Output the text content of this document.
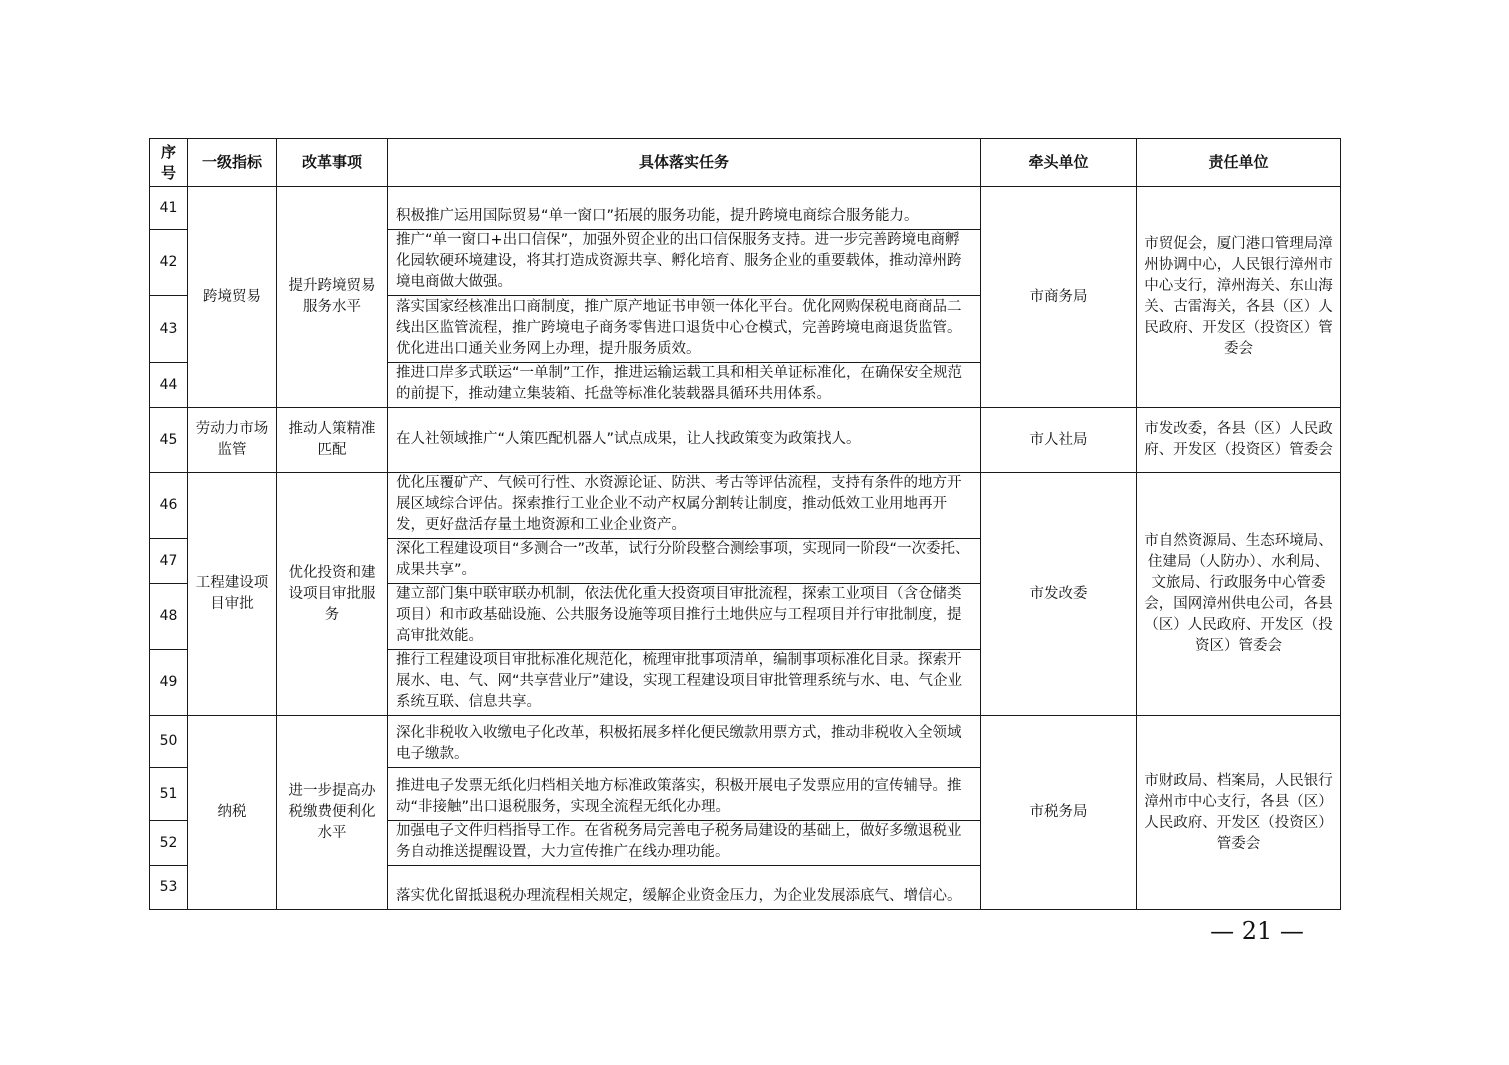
序号	一级指标	改革事项	具体落实任务	牵头单位	责任单位
41	跨境贸易	提升跨境贸易服务水平	积极推广运用国际贸易“单一窗口”拓展的服务功能，提升跨境电商综合服务能力。	市商务局	市贸促会，厦门港口管理局漳州协调中心，人民银行漳州市中心支行，漳州海关、东山海关、古雷海关，各县（区）人民政府、开发区（投资区）管委会
42			推广“单一窗口+出口信保”，加强外贸企业的出口信保服务支持。进一步完善跨境电商孵化园软硬环境建设，将其打造成资源共享、孵化培育、服务企业的重要载体，推动漳州跨境电商做大做强。		
43			落实国家经核准出口商制度，推广原产地证书申领一体化平台。优化网购保税电商商品二线出区监管流程，推广跨境电子商务零售进口退货中心仓模式，完善跨境电商退货监管。优化进出口通关业务网上办理，提升服务质效。		
44			推进口岸多式联运“一单制”工作，推进运输运载工具和相关单证标准化，在确保安全规范的前提下，推动建立集装箱、托盘等标准化装载器具循环共用体系。		
45	劳动力市场监管	推动人策精准匹配	在人社领域推广“人策匹配机器人”试点成果，让人找政策变为政策找人。	市人社局	市发改委，各县（区）人民政府、开发区（投资区）管委会
46	工程建设项目审批	优化投资和建设项目审批服务	优化压覆矿产、气候可行性、水资源论证、防洪、考古等评估流程，支持有条件的地方开展区域综合评估。探索推行工业企业不动产权属分割转让制度，推动低效工业用地再开发，更好盘活存量土地资源和工业企业资产。	市发改委	市自然资源局、生态环境局、住建局（人防办）、水利局、文旅局、行政服务中心管委会，国网漳州供电公司，各县（区）人民政府、开发区（投资区）管委会
47			深化工程建设项目“多测合一”改革，试行分阶段整合测绘事项，实现同一阶段“一次委托、成果共享”。		
48			建立部门集中联审联办机制，依法优化重大投资项目审批流程，探索工业项目（含仓储类项目）和市政基础设施、公共服务设施等项目推行土地供应与工程项目并行审批制度，提高审批效能。		
49			推行工程建设项目审批标准化规范化，梳理审批事项清单，编制事项标准化目录。探索开展水、电、气、网“共享营业厅”建设，实现工程建设项目审批管理系统与水、电、气企业系统互联、信息共享。		
50	纳税	进一步提高办税缴费便利化水平	深化非税收入收缴电子化改革，积极拓展多样化便民缴款用票方式，推动非税收入全领域电子缴款。	市税务局	市财政局、档案局，人民银行漳州市中心支行，各县（区）人民政府、开发区（投资区）管委会
51			推进电子发票无纸化归档相关地方标准政策落实，积极开展电子发票应用的宣传辅导。推动“非接触”出口退税服务，实现全流程无纸化办理。		
52			加强电子文件归档指导工作。在省税务局完善电子税务局建设的基础上，做好多缴退税业务自动推送提醒设置，大力宣传推广在线办理功能。		
53			落实优化留抵退税办理流程相关规定，缓解企业资金压力，为企业发展添底气、增信心。		
— 21 —
